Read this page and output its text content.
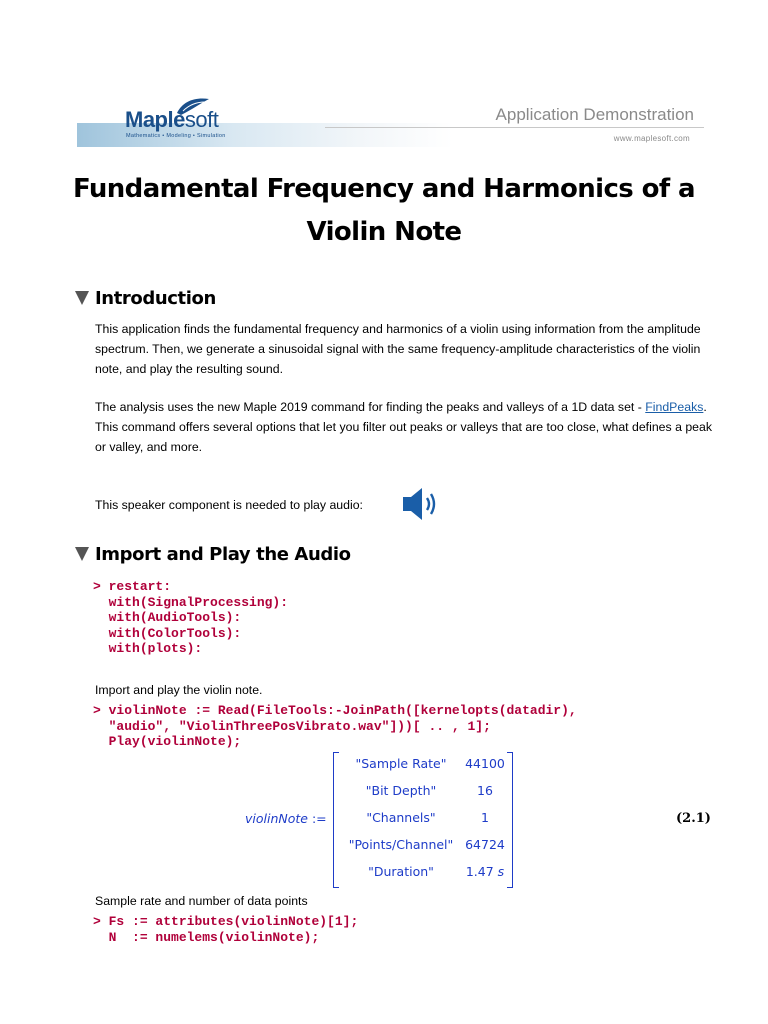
Maplesoft
Mathematics • Modeling • Simulation
Application Demonstration
www.maplesoft.com
Fundamental Frequency and Harmonics of a Violin Note
Introduction
This application finds the fundamental frequency and harmonics of a violin using information from the amplitude spectrum. Then, we generate a sinusoidal signal with the same frequency-amplitude characteristics of the violin note, and play the resulting sound.
The analysis uses the new Maple 2019 command for finding the peaks and valleys of a 1D data set - FindPeaks. This command offers several options that let you filter out peaks or valleys that are too close, what defines a peak or valley, and more.
This speaker component is needed to play audio:
Import and Play the Audio
> restart:
with(SignalProcessing):
with(AudioTools):
with(ColorTools):
with(plots):
Import and play the violin note.
> violinNote := Read(FileTools:-JoinPath([kernelopts(datadir),
"audio", "ViolinThreePosVibrato.wav"]))[ .. , 1];
Play(violinNote);
violinNote :=
"Sample Rate"	44100
"Bit Depth"	16
"Channels"	1
"Points/Channel" 64724
"Duration"	1.47 s
(2.1)
Sample rate and number of data points
> Fs := attributes(violinNote)[1];
N  := numelems(violinNote);
